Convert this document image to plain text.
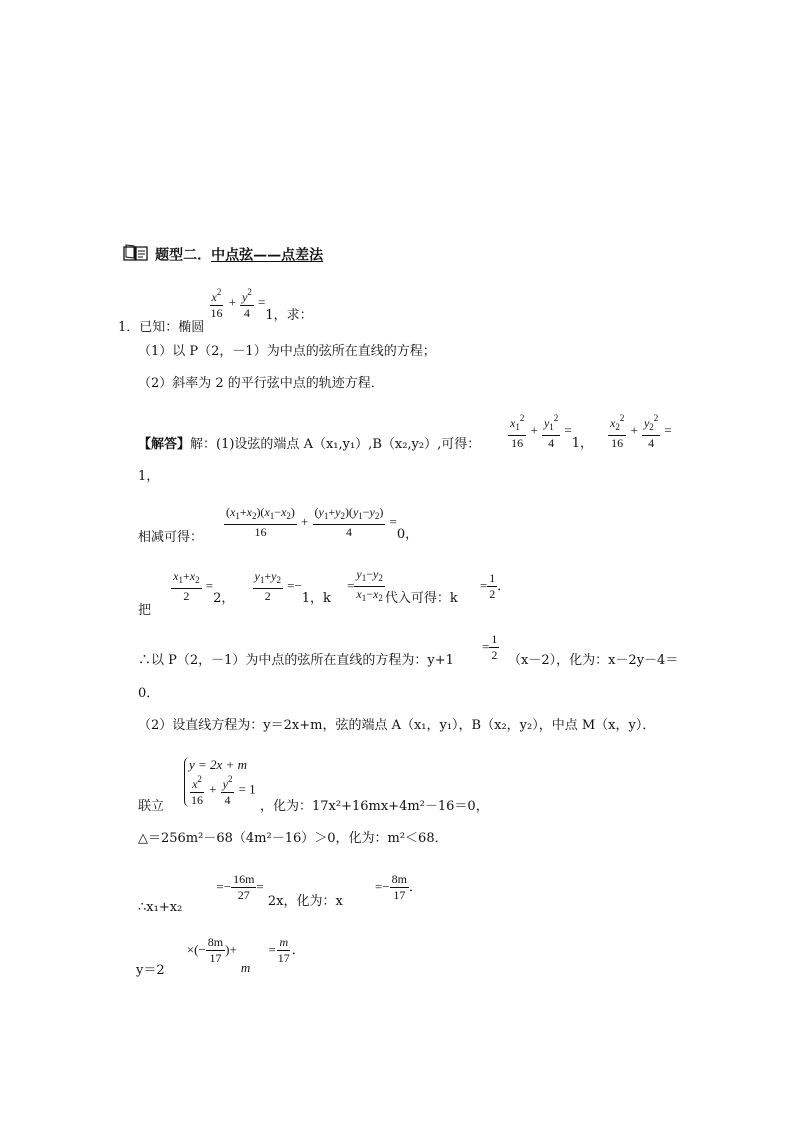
题型二．中点弦——点差法
1．已知：椭圆
$\frac{x^2}{16} + \frac{y^2}{4} =1$，求：
（1）以 P（2，－1）为中点的弦所在直线的方程；
（2）斜率为 2 的平行弦中点的轨迹方程．
【解答】解：(1)设弦的端点 A（x₁,y₁）,B（x₂,y₂）,可得： $\frac{x_1^2}{16} + \frac{y_1^2}{4} =1$， $\frac{x_2^2}{16} + \frac{y_2^2}{4}$ =
1，
相减可得： $\frac{(x_1+x_2)(x_1-x_2)}{16} + \frac{(y_1+y_2)(y_1-y_2)}{4} =0$，
把
$\frac{x_1+x_2}{2} =2$， $\frac{y_1+y_2}{2} =-1$，$k = \frac{y_1-y_2}{x_1-x_2}$ 代入可得：$k = \frac{1}{2}$ ．
∴以 P（2，－1）为中点的弦所在直线的方程为：y+1
= $\frac{1}{2} (x-2)$，化为：x－2y－4＝
0．
（2）设直线方程为：y＝2x+m，弦的端点 A（x₁，y₁），B（x₂，y₂），中点 M（x，y）．
联立
y = 2x + m
$\frac{x^2}{16} + \frac{y^2}{4} = 1$
，化为：17x²+16mx+4m²－16＝0，
△＝256m²－68（4m²－16）＞0，化为：m²＜68．
∴x₁+x₂ =− $\frac{16m}{27} = 2x$，化为：$x =- \frac{8m}{17}$ ．
y＝2 ×(− $\frac{8m}{17}$ )+ $m = \frac{m}{17}$ ．
